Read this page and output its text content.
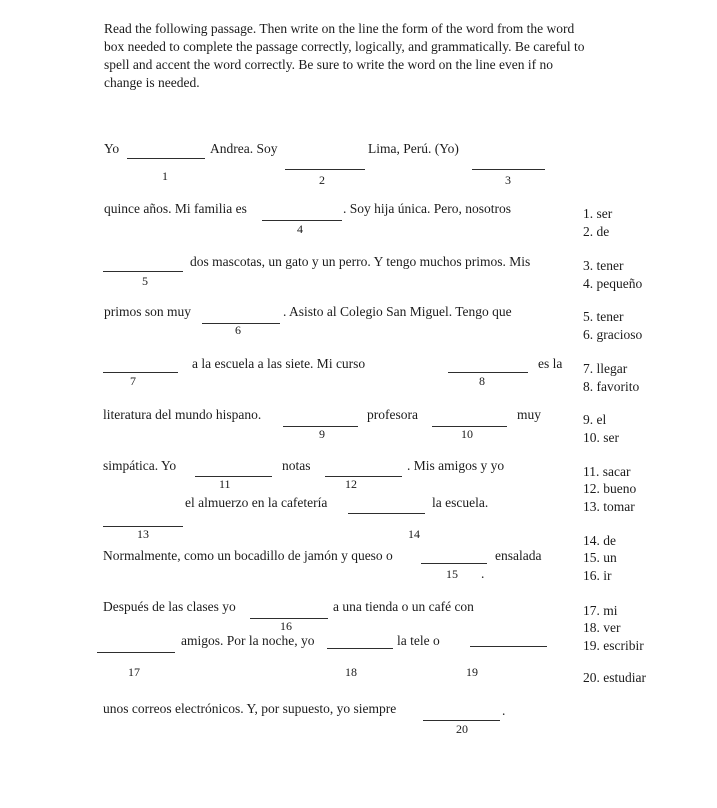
Read the following passage. Then write on the line the form of the word from the word
box needed to complete the passage correctly, logically, and grammatically. Be careful to
spell and accent the word correctly. Be sure to write the word on the line even if no
change is needed.
Yo	Andrea. Soy	Lima, Perú. (Yo)
1	2	3
quince años. Mi familia es	. Soy hija única. Pero, nosotros
4
dos mascotas, un gato y un perro. Y tengo muchos primos. Mis
5
primos son muy	. Asisto al Colegio San Miguel. Tengo que
6
a la escuela a las siete. Mi curso	es la
7	8
literatura del mundo hispano.	profesora	muy
9	10
simpática. Yo	notas	. Mis amigos y yo
11	12
el almuerzo en la cafetería	la escuela.
13	14
Normalmente, como un bocadillo de jamón y queso o	ensalada
15 .
Después de las clases yo	a una tienda o un café con
16
amigos. Por la noche, yo	la tele o
17	18	19
unos correos electrónicos. Y, por supuesto, yo siempre	.
20
1. ser
2. de
3. tener
4. pequeño
5. tener
6. gracioso
7. llegar
8. favorito
9. el
10. ser
11. sacar
12. bueno
13. tomar
14. de
15. un
16. ir
17. mi
18. ver
19. escribir
20. estudiar
